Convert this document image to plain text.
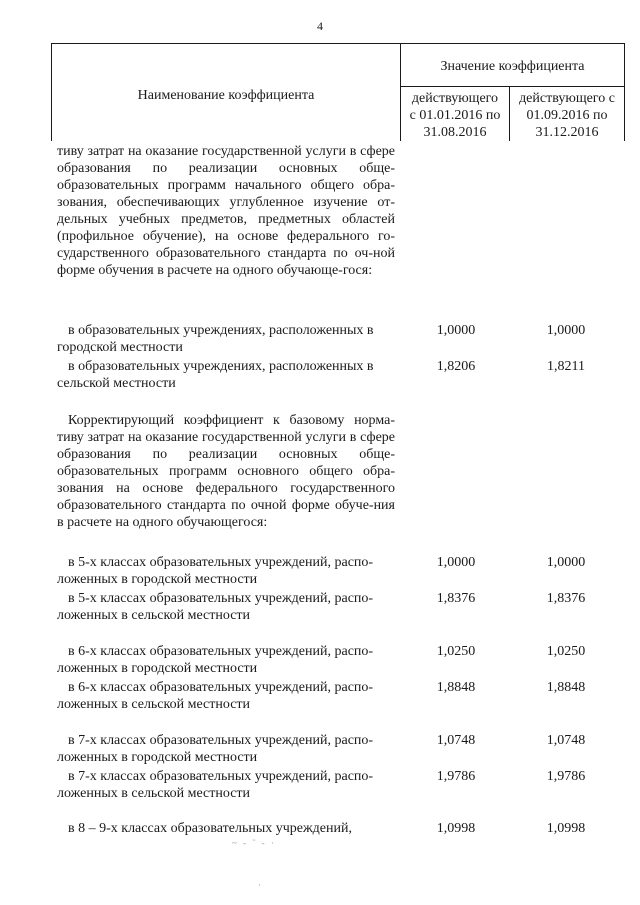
4
Наименование коэффициента
Значение коэффициента
действующего
с 01.01.2016 по
31.08.2016
действующего с
01.09.2016 по
31.12.2016
тиву затрат на оказание государственной услуги в сфере образования по реализации основных обще-образовательных программ начального общего обра-зования, обеспечивающих углубленное изучение от-дельных учебных предметов, предметных областей (профильное обучение), на основе федерального го-сударственного образовательного стандарта по оч-ной форме обучения в расчете на одного обучающе-гося:
в образовательных учреждениях, расположенных в
городской местности
1,0000	1,0000
в образовательных учреждениях, расположенных в
сельской местности
1,8206	1,8211

Корректирующий коэффициент к базовому норма-тиву затрат на оказание государственной услуги в сфере образования по реализации основных обще-образовательных программ основного общего обра-зования на основе федерального государственного образовательного стандарта по очной форме обуче-ния в расчете на одного обучающегося:
в 5-х классах образовательных учреждений, распо-
ложенных в городской местности
1,0000	1,0000
в 5-х классах образовательных учреждений, распо-
ложенных в сельской местности
1,8376	1,8376
в 6-х классах образовательных учреждений, распо-
ложенных в городской местности
1,0250	1,0250
в 6-х классах образовательных учреждений, распо-
ложенных в сельской местности
1,8848	1,8848
в 7-х классах образовательных учреждений, распо-
ложенных в городской местности
1,0748	1,0748
в 7-х классах образовательных учреждений, распо-
ложенных в сельской местности
1,9786	1,9786
в 8 – 9-х классах образовательных учреждений,	1,0998	1,0998
~ ‐ ˜ ‐ ·
·
